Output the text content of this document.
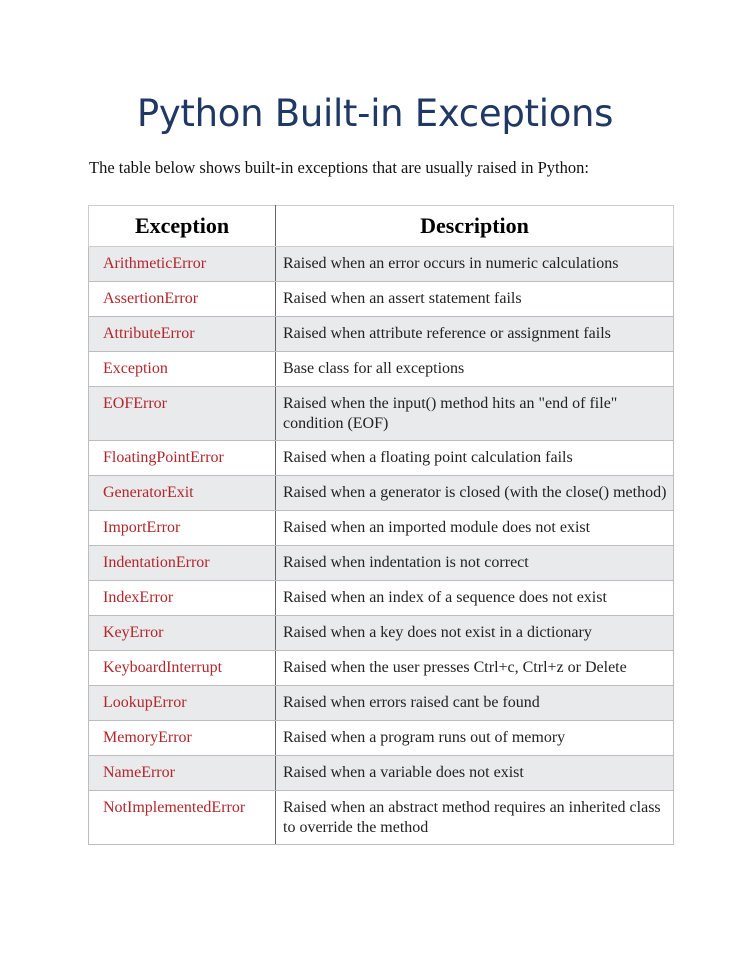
Python Built-in Exceptions
The table below shows built-in exceptions that are usually raised in Python:
Exception	Description
ArithmeticError	Raised when an error occurs in numeric calculations
AssertionError	Raised when an assert statement fails
AttributeError	Raised when attribute reference or assignment fails
Exception	Base class for all exceptions
EOFError	Raised when the input() method hits an "end of file" condition (EOF)
FloatingPointError	Raised when a floating point calculation fails
GeneratorExit	Raised when a generator is closed (with the close() method)
ImportError	Raised when an imported module does not exist
IndentationError	Raised when indentation is not correct
IndexError	Raised when an index of a sequence does not exist
KeyError	Raised when a key does not exist in a dictionary
KeyboardInterrupt	Raised when the user presses Ctrl+c, Ctrl+z or Delete
LookupError	Raised when errors raised cant be found
MemoryError	Raised when a program runs out of memory
NameError	Raised when a variable does not exist
NotImplementedError	Raised when an abstract method requires an inherited class to override the method
